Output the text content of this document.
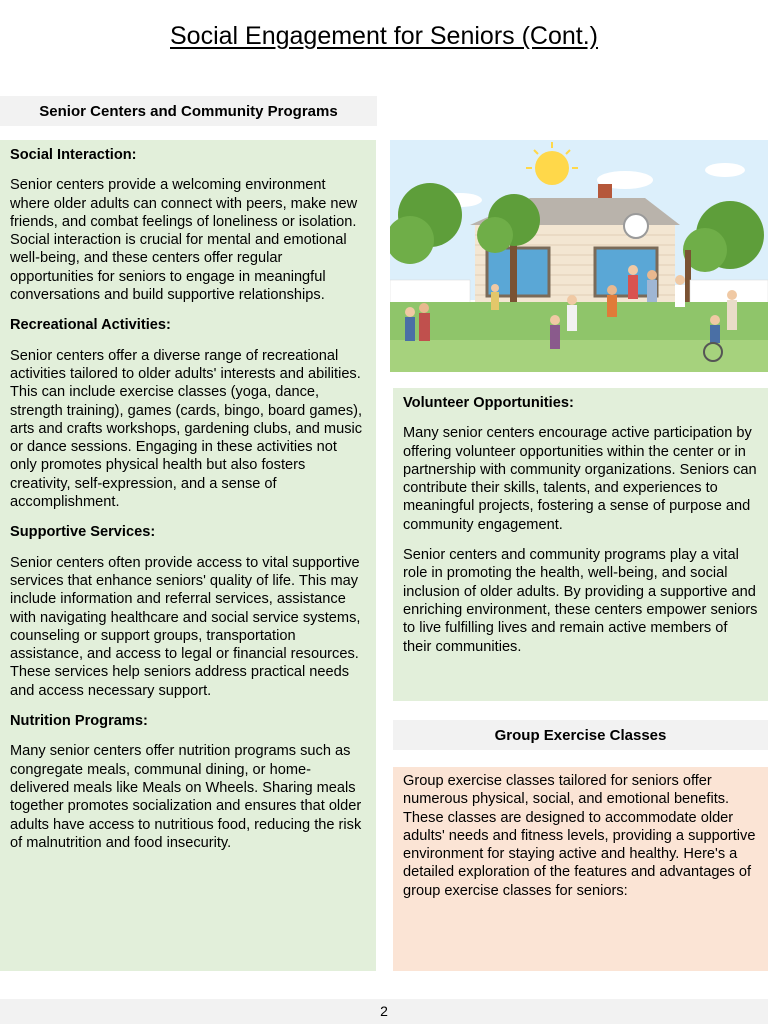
Social Engagement for Seniors (Cont.)
Senior Centers and Community Programs
Social Interaction:

Senior centers provide a welcoming environment where older adults can connect with peers, make new friends, and combat feelings of loneliness or isolation. Social interaction is crucial for mental and emotional well-being, and these centers offer regular opportunities for seniors to engage in meaningful conversations and build supportive relationships.

Recreational Activities:

Senior centers offer a diverse range of recreational activities tailored to older adults' interests and abilities. This can include exercise classes (yoga, dance, strength training), games (cards, bingo, board games), arts and crafts workshops, gardening clubs, and music or dance sessions. Engaging in these activities not only promotes physical health but also fosters creativity, self-expression, and a sense of accomplishment.

Supportive Services:

Senior centers often provide access to vital supportive services that enhance seniors' quality of life. This may include information and referral services, assistance with navigating healthcare and social service systems, counseling or support groups, transportation assistance, and access to legal or financial resources. These services help seniors address practical needs and access necessary support.

Nutrition Programs:

Many senior centers offer nutrition programs such as congregate meals, communal dining, or home-delivered meals like Meals on Wheels. Sharing meals together promotes socialization and ensures that older adults have access to nutritious food, reducing the risk of malnutrition and food insecurity.

Volunteer Opportunities:

Many senior centers encourage active participation by offering volunteer opportunities within the center or in partnership with community organizations. Seniors can contribute their skills, talents, and experiences to meaningful projects, fostering a sense of purpose and community engagement.

Senior centers and community programs play a vital role in promoting the health, well-being, and social inclusion of older adults. By providing a supportive and enriching environment, these centers empower seniors to live fulfilling lives and remain active members of their communities.

Group Exercise Classes

Group exercise classes tailored for seniors offer numerous physical, social, and emotional benefits. These classes are designed to accommodate older adults' needs and fitness levels, providing a supportive environment for staying active and healthy. Here's a detailed exploration of the features and advantages of group exercise classes for seniors:

2
